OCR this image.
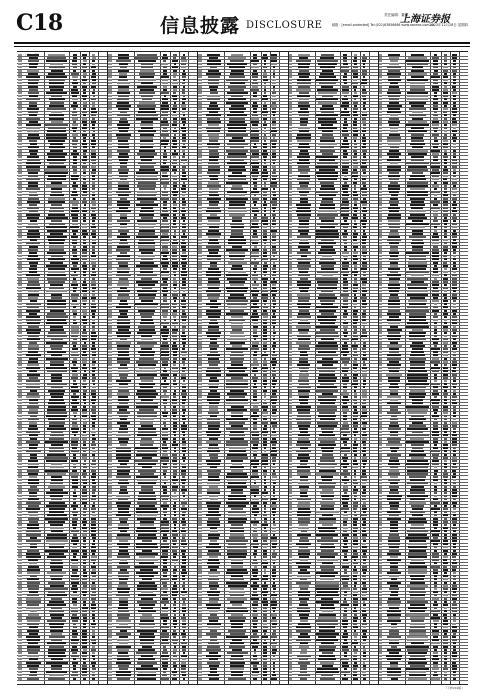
C18	信息披露 DISCLOSURE
责任编辑：董鹏
邮箱：[email protected] Tel:(021)63856686 www.ssnews.com.cn
上海证券报
2023年12月28日 星期四
（上接C17版）
（下转C19版）
